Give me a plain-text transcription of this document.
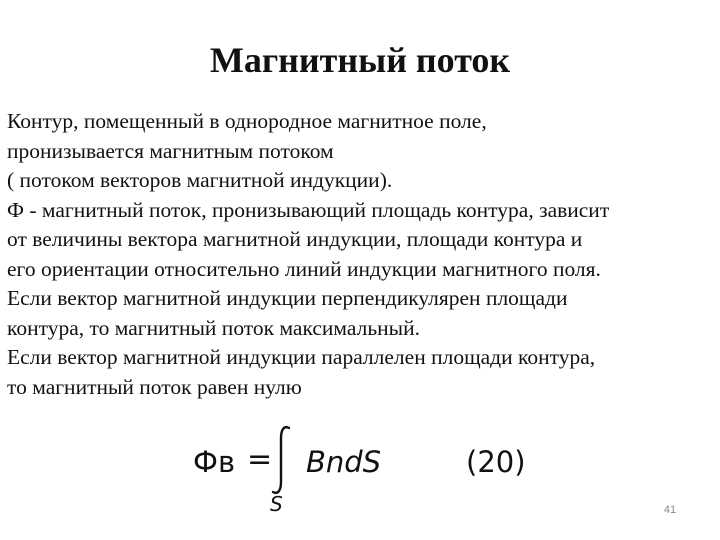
Магнитный поток
Контур, помещенный в однородное магнитное поле,
пронизывается магнитным потоком
( потоком векторов магнитной индукции).
Ф - магнитный поток, пронизывающий площадь контура, зависит
от величины вектора магнитной индукции, площади контура и
его ориентации относительно линий индукции магнитного поля.
Если вектор магнитной индукции перпендикулярен площади
контура, то магнитный поток максимальный.
Если вектор магнитной индукции параллелен площади контура,
то магнитный поток равен нулю
Фв =
S
BndS	(20)
41
